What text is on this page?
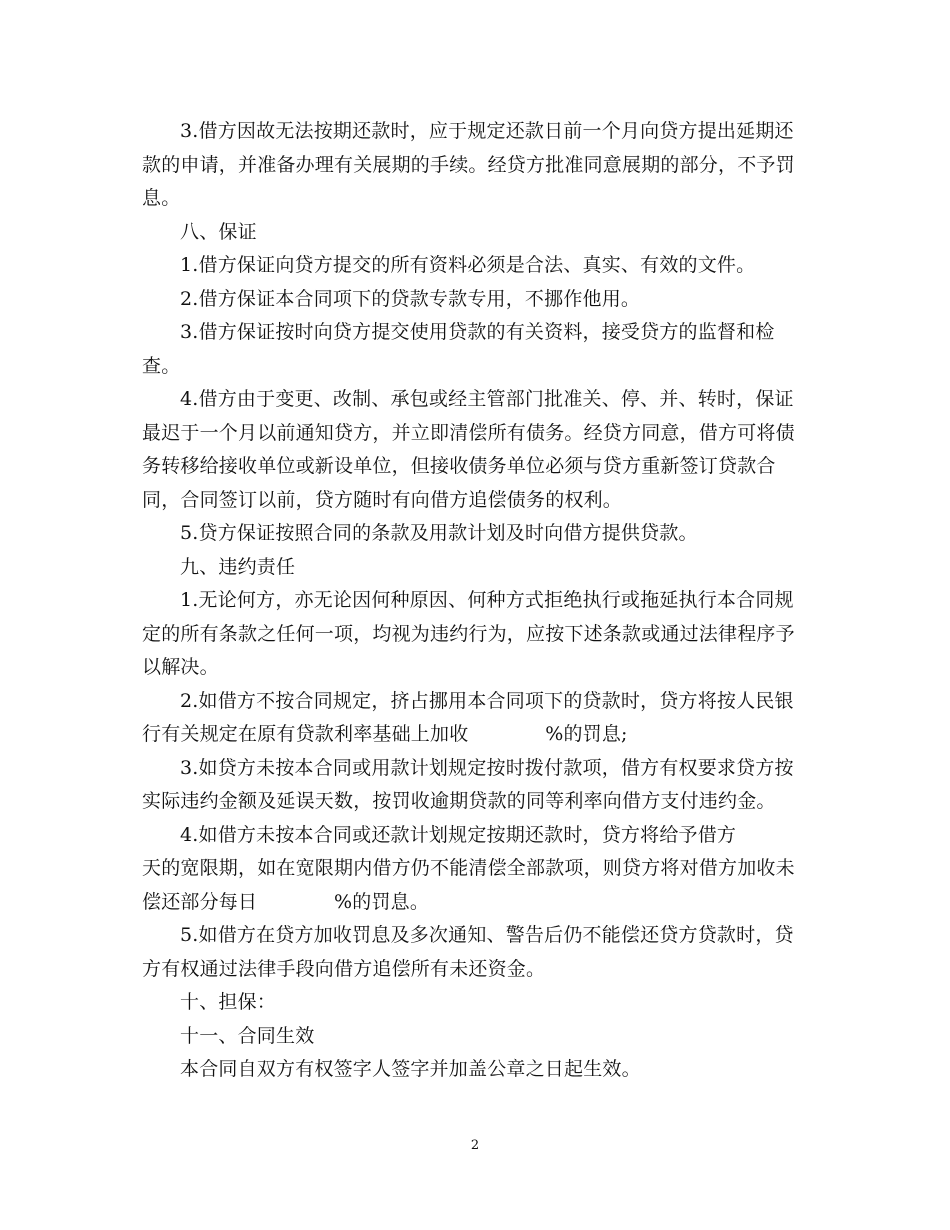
3.借方因故无法按期还款时，应于规定还款日前一个月向贷方提出延期还款的申请，并准备办理有关展期的手续。经贷方批准同意展期的部分，不予罚息。

八、保证

1.借方保证向贷方提交的所有资料必须是合法、真实、有效的文件。

2.借方保证本合同项下的贷款专款专用，不挪作他用。

3.借方保证按时向贷方提交使用贷款的有关资料，接受贷方的监督和检查。

4.借方由于变更、改制、承包或经主管部门批准关、停、并、转时，保证最迟于一个月以前通知贷方，并立即清偿所有债务。经贷方同意，借方可将债务转移给接收单位或新设单位，但接收债务单位必须与贷方重新签订贷款合同，合同签订以前，贷方随时有向借方追偿债务的权利。

5.贷方保证按照合同的条款及用款计划及时向借方提供贷款。

九、违约责任

1.无论何方，亦无论因何种原因、何种方式拒绝执行或拖延执行本合同规定的所有条款之任何一项，均视为违约行为，应按下述条款或通过法律程序予以解决。

2.如借方不按合同规定，挤占挪用本合同项下的贷款时，贷方将按人民银行有关规定在原有贷款利率基础上加收　　　　%的罚息;

3.如贷方未按本合同或用款计划规定按时拨付款项，借方有权要求贷方按实际违约金额及延误天数，按罚收逾期贷款的同等利率向借方支付违约金。

4.如借方未按本合同或还款计划规定按期还款时，贷方将给予借方　　　天的宽限期，如在宽限期内借方仍不能清偿全部款项，则贷方将对借方加收未偿还部分每日　　　　%的罚息。

5.如借方在贷方加收罚息及多次通知、警告后仍不能偿还贷方贷款时，贷方有权通过法律手段向借方追偿所有未还资金。

十、担保：

十一、合同生效

本合同自双方有权签字人签字并加盖公章之日起生效。

2
